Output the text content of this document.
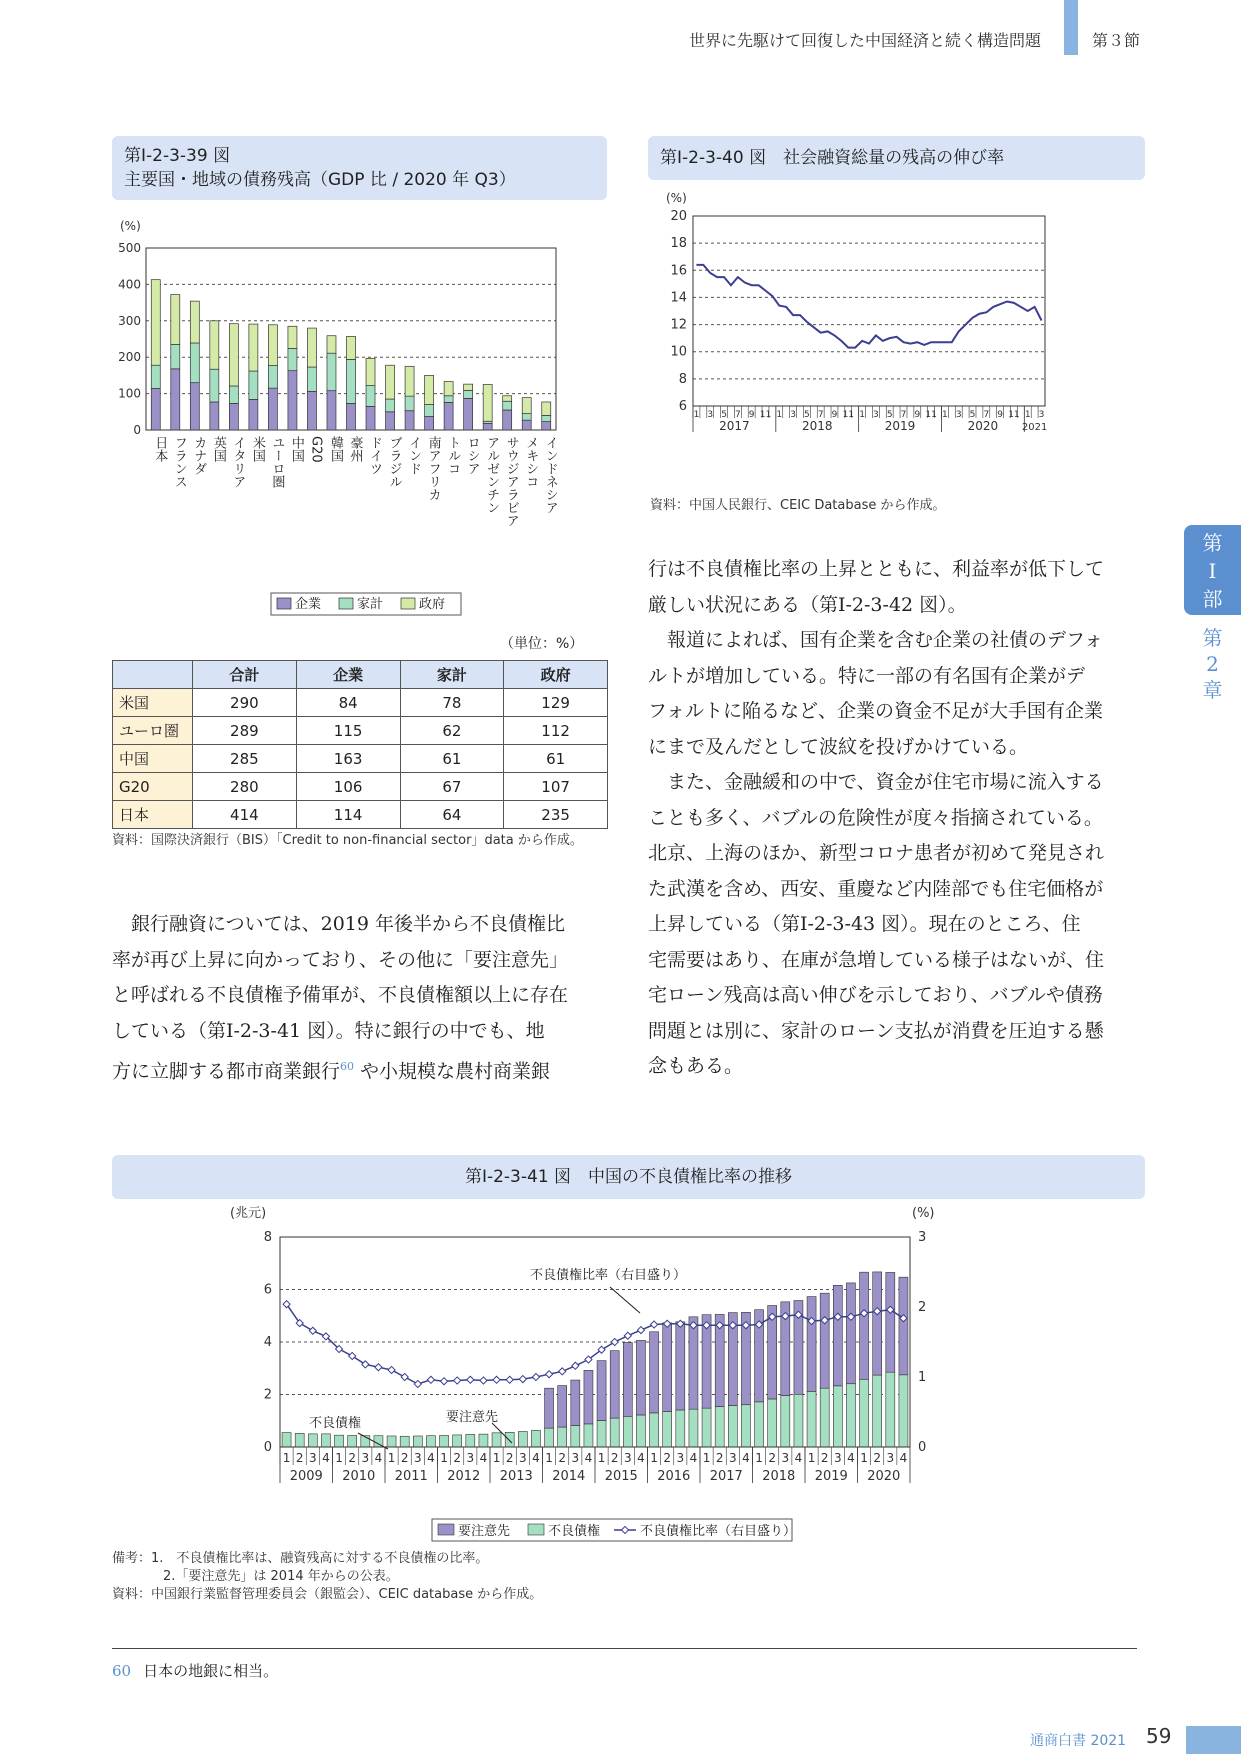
世界に先駆けて回復した中国経済と続く構造問題	第３節
第
Ⅰ
部
第
2
章
第Ⅰ-2-3-39 図
主要国・地域の債務残高（GDP 比 / 2020 年 Q3）
(%)
0
100
200
300
400
500
日本 フランス カナダ 英国 イタリア 米国 ユーロ圏 中国 G20 韓国 豪州 ドイツ ブラジル インド 南アフリカ トルコ ロシア アルゼンチン サウジアラビア メキシコ インドネシア
企業	家計	政府
（単位：%）
	合計	企業	家計	政府
米国	290	84	78	129
ユーロ圏	289	115	62	112
中国	285	163	61	61
G20	280	106	67	107
日本	414	114	64	235
資料：国際決済銀行（BIS）「Credit to non-financial sector」data から作成。
第Ⅰ-2-3-40 図　社会融資総量の残高の伸び率
(%)
6
8
10
12
14
16
18
20
1 3 5 7 9 11 1 3 5 7 9 11 1 3 5 7 9 11 1 3 5 7 9 11 1 3
2017	2018	2019	2020 2021
資料：中国人民銀行、CEIC Database から作成。
　銀行融資については、2019 年後半から不良債権比
率が再び上昇に向かっており、その他に「要注意先」
と呼ばれる不良債権予備軍が、不良債権額以上に存在
している（第Ⅰ-2-3-41 図）。特に銀行の中でも、地
方に立脚する都市商業銀行$^{60}$ や小規模な農村商業銀
行は不良債権比率の上昇とともに、利益率が低下して
厳しい状況にある（第Ⅰ-2-3-42 図）。
　報道によれば、国有企業を含む企業の社債のデフォ
ルトが増加している。特に一部の有名国有企業がデ
フォルトに陥るなど、企業の資金不足が大手国有企業
にまで及んだとして波紋を投げかけている。
　また、金融緩和の中で、資金が住宅市場に流入する
ことも多く、バブルの危険性が度々指摘されている。
北京、上海のほか、新型コロナ患者が初めて発見され
た武漢を含め、西安、重慶など内陸部でも住宅価格が
上昇している（第Ⅰ-2-3-43 図）。現在のところ、住
宅需要はあり、在庫が急増している様子はないが、住
宅ローン残高は高い伸びを示しており、バブルや債務
問題とは別に、家計のローン支払が消費を圧迫する懸
念もある。
第Ⅰ-2-3-41 図　中国の不良債権比率の推移
(兆元)	(%)
0
2
4
6
8
0
1
2
3
1 2 3 4 1 2 3 4 1 2 3 4 1 2 3 4 1 2 3 4 1 2 3 4 1 2 3 4 1 2 3 4 1 2 3 4 1 2 3 4 1 2 3 4 1 2 3 4
2009 2010 2011 2012 2013 2014 2015 2016 2017 2018 2019 2020
不良債権比率（右目盛り）
不良債権	要注意先
要注意先	不良債権	不良債権比率（右目盛り）
備考：1.　不良債権比率は、融資残高に対する不良債権の比率。
2.「要注意先」は 2014 年からの公表。
資料：中国銀行業監督管理委員会（銀監会）、CEIC database から作成。
60 日本の地銀に相当。
通商白書 2021 59
